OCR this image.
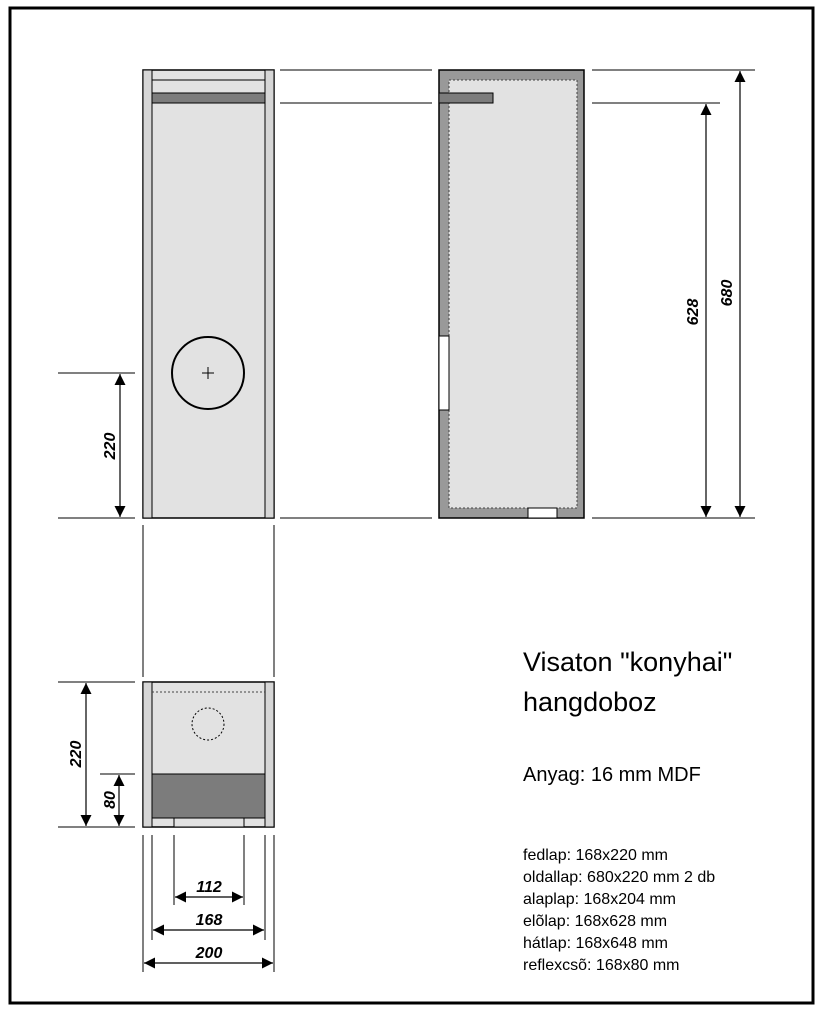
220
628
680
220
80
112
168
200
Visaton "konyhai"
hangdoboz
Anyag: 16 mm MDF
fedlap: 168x220 mm
oldallap: 680x220 mm 2 db
alaplap: 168x204 mm
elõlap: 168x628 mm
hátlap: 168x648 mm
reflexcsõ: 168x80 mm
